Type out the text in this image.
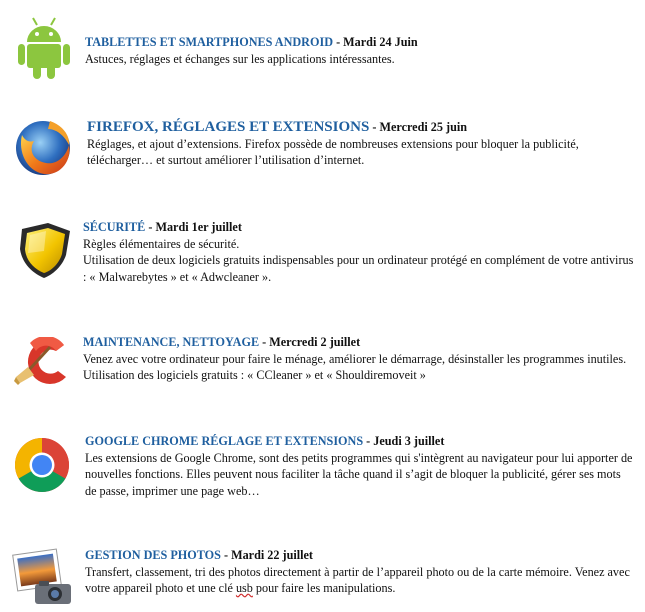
TABLETTES ET SMARTPHONES ANDROID - Mardi 24 Juin
Astuces, réglages et échanges sur les applications intéressantes.
FIREFOX, RÉGLAGES ET EXTENSIONS - Mercredi 25 juin
Réglages, et ajout d’extensions. Firefox possède de nombreuses extensions pour bloquer la publicité, télécharger… et surtout améliorer l’utilisation d’internet.
SÉCURITÉ - Mardi 1er juillet
Règles élémentaires de sécurité.
Utilisation de deux logiciels gratuits indispensables pour un ordinateur protégé en complément de votre antivirus : « Malwarebytes » et « Adwcleaner ».
MAINTENANCE, NETTOYAGE - Mercredi 2 juillet
Venez avec votre ordinateur pour faire le ménage, améliorer le démarrage, désinstaller les programmes inutiles. Utilisation des logiciels gratuits : « CCleaner » et « Shouldiremoveit »
GOOGLE CHROME RÉGLAGE ET EXTENSIONS - Jeudi 3 juillet
Les extensions de Google Chrome, sont des petits programmes qui s'intègrent au navigateur pour lui apporter de nouvelles fonctions. Elles peuvent nous faciliter la tâche quand il s’agit de bloquer la publicité, gérer ses mots de passe, imprimer une page web…
GESTION DES PHOTOS - Mardi 22 juillet
Transfert, classement, tri des photos directement à partir de l’appareil photo ou de la carte mémoire. Venez avec votre appareil photo et une clé usb pour faire les manipulations.
